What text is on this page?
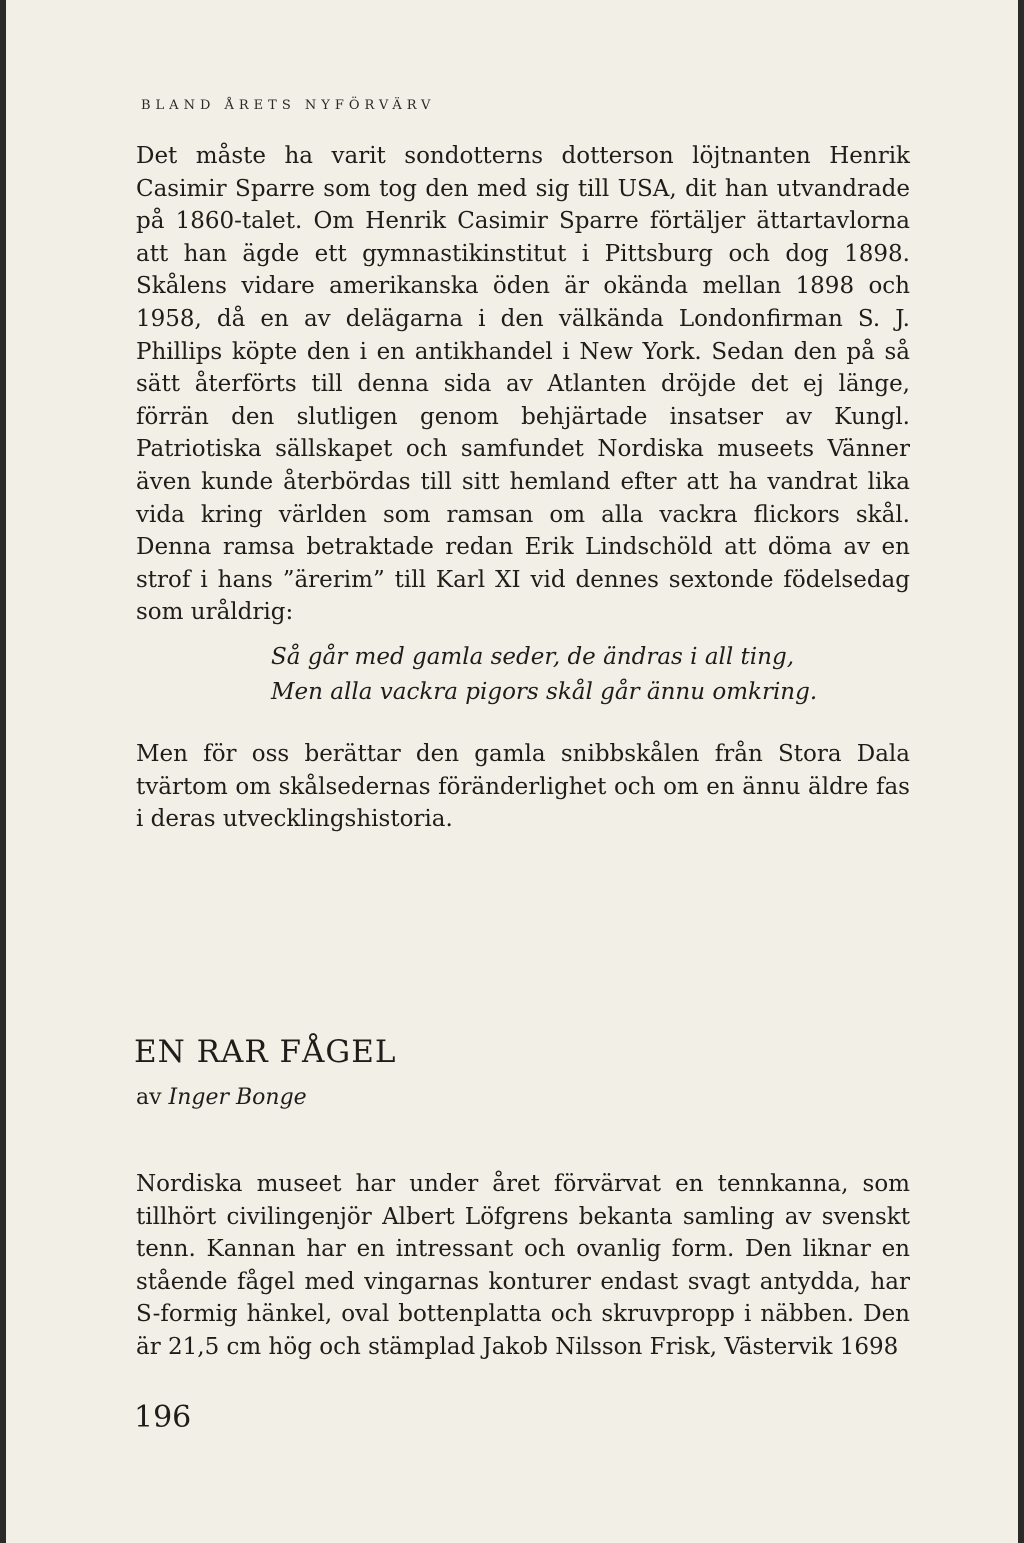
BLAND ÅRETS NYFÖRVÄRV

Det måste ha varit sondotterns dotterson löjtnanten Henrik Casimir Sparre som tog den med sig till USA, dit han utvandrade på 1860-talet. Om Henrik Casimir Sparre förtäljer ättartavlorna att han ägde ett gymnastikinstitut i Pittsburg och dog 1898. Skålens vidare amerikanska öden är okända mellan 1898 och 1958, då en av delägarna i den välkända Londonfirman S. J. Phillips köpte den i en antikhandel i New York. Sedan den på så sätt återförts till denna sida av Atlanten dröjde det ej länge, förrän den slutligen genom behjärtade insatser av Kungl. Patriotiska sällskapet och samfundet Nordiska museets Vänner även kunde återbördas till sitt hemland efter att ha vandrat lika vida kring världen som ramsan om alla vackra flickors skål. Denna ramsa betraktade redan Erik Lindschöld att döma av en strof i hans ”ärerim” till Karl XI vid dennes sextonde födelsedag som uråldrig:

Så går med gamla seder, de ändras i all ting,
Men alla vackra pigors skål går ännu omkring.

Men för oss berättar den gamla snibbskålen från Stora Dala tvärtom om skålsedernas föränderlighet och om en ännu äldre fas i deras utvecklingshistoria.

EN RAR FÅGEL
av Inger Bonge

Nordiska museet har under året förvärvat en tennkanna, som tillhört civilingenjör Albert Löfgrens bekanta samling av svenskt tenn. Kannan har en intressant och ovanlig form. Den liknar en stående fågel med vingarnas konturer endast svagt antydda, har S-formig hänkel, oval bottenplatta och skruvpropp i näbben. Den är 21,5 cm hög och stämplad Jakob Nilsson Frisk, Västervik 1698

196
